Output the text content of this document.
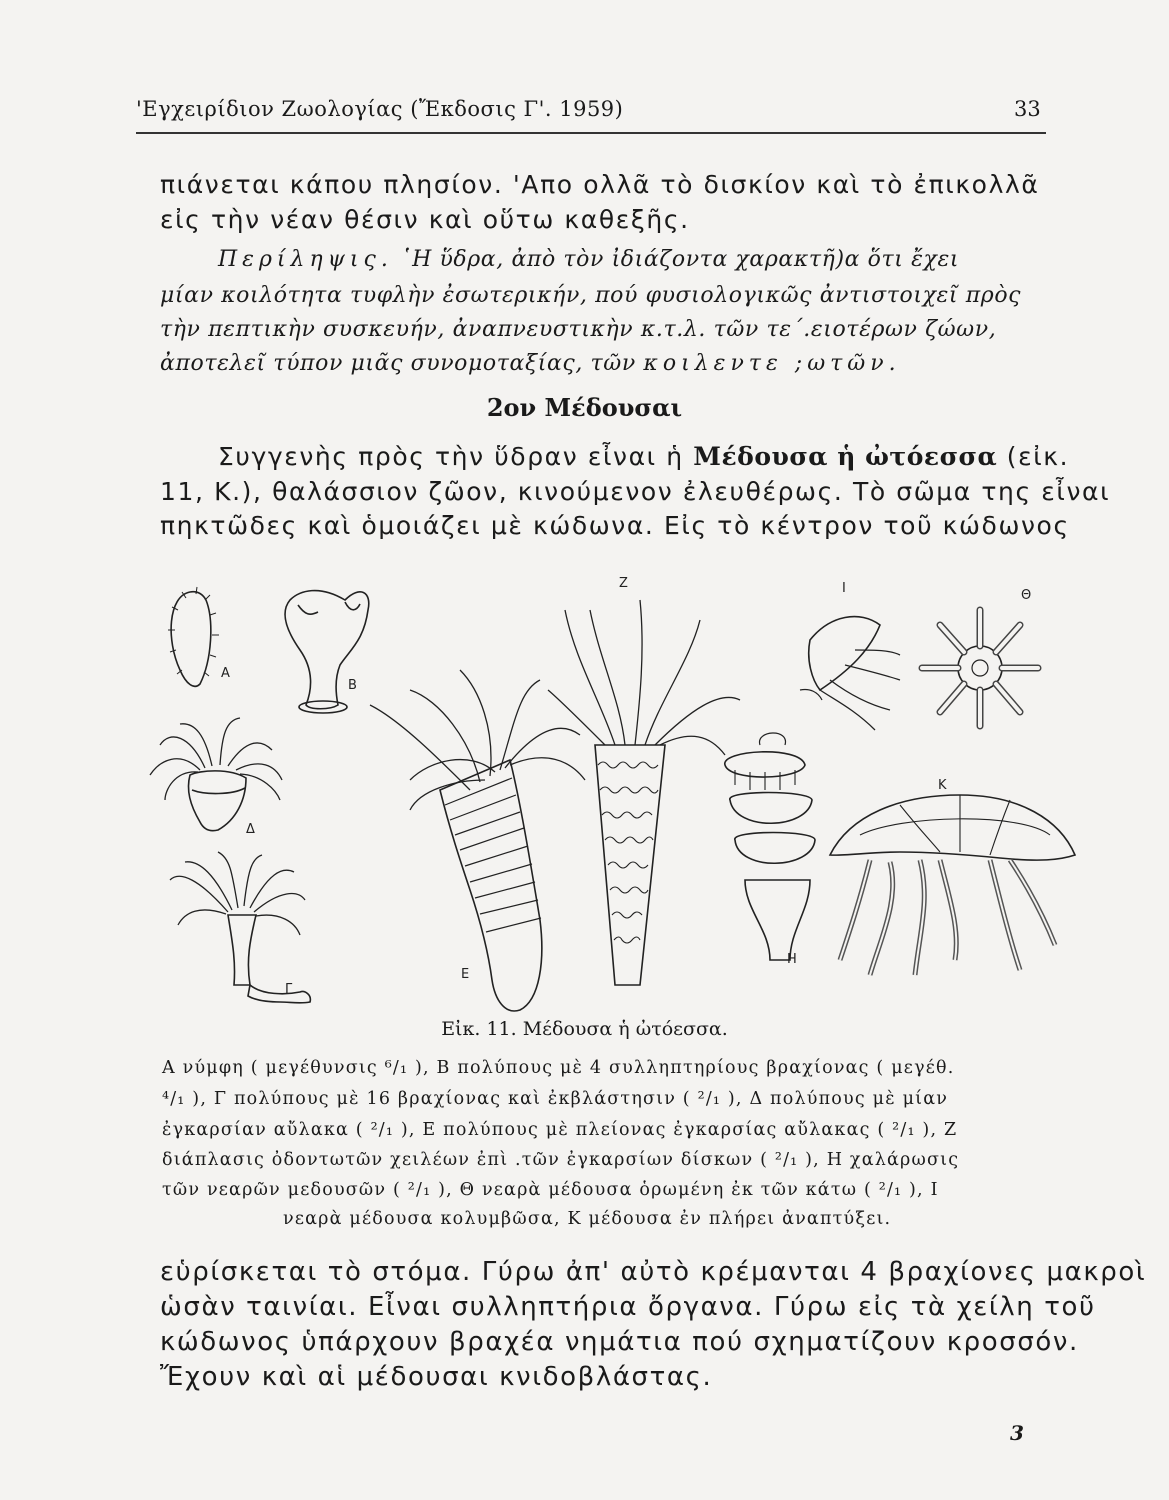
'Εγχειρίδιον Ζωολογίας (Ἔκδοσις Γ'. 1959)	33
πιάνεται κάπου πλησίον. 'Απο ολλᾶ τὸ δισκίον καὶ τὸ ἐπικολλᾶ
εἰς τὴν νέαν θέσιν καὶ οὕτω καθεξῆς.
Περίληψις. ῾Η ὕδρα, ἀπὸ τὸν ἰδιάζοντα χαρακτῆ)α ὅτι ἔχει
μίαν κοιλότητα τυφλὴν ἐσωτερικήν, πού φυσιολογικῶς ἀντιστοιχεῖ πρὸς
τὴν πεπτικὴν συσκευήν, ἀναπνευστικὴν κ.τ.λ. τῶν τε΄.ειοτέρων ζώων,
ἀποτελεῖ τύπον μιᾶς συνομοταξίας, τῶν κοιλεντε ;ωτῶν.
2ον Μέδουσαι
Συγγενὴς πρὸς τὴν ὕδραν εἶναι ἡ Μέδουσα ἡ ὠτόεσσα (εἰκ.
11, Κ.), θαλάσσιον ζῶον, κινούμενον ἐλευθέρως. Τὸ σῶμα της εἶναι
πηκτῶδες καὶ ὁμοιάζει μὲ κώδωνα. Εἰς τὸ κέντρον τοῦ κώδωνος
Α
Β
Γ
Δ
Ε
Ζ
Η
Ι	Θ
Κ
Εἰκ. 11. Μέδουσα ἡ ὠτόεσσα.
Α νύμφη ( μεγέθυνσις ⁶/₁ ), Β πολύπους μὲ 4 συλληπτηρίους βραχίονας ( μεγέθ.
⁴/₁ ), Γ πολύπους μὲ 16 βραχίονας καὶ ἐκβλάστησιν ( ²/₁ ), Δ πολύπους μὲ μίαν
ἐγκαρσίαν αὔλακα ( ²/₁ ), Ε πολύπους μὲ πλείονας ἐγκαρσίας αὔλακας ( ²/₁ ), Ζ
διάπλασις ὀδοντωτῶν χειλέων ἐπὶ .τῶν ἐγκαρσίων δίσκων ( ²/₁ ), Η χαλάρωσις
τῶν νεαρῶν μεδουσῶν ( ²/₁ ), Θ νεαρὰ μέδουσα ὁρωμένη ἐκ τῶν κάτω ( ²/₁ ), Ι
νεαρὰ μέδουσα κολυμβῶσα, Κ μέδουσα ἐν πλήρει ἀναπτύξει.
εὑρίσκεται τὸ στόμα. Γύρω ἀπ' αὐτὸ κρέμανται 4 βραχίονες μακροὶ
ὡσὰν ταινίαι. Εἶναι συλληπτήρια ὄργανα. Γύρω εἰς τὰ χείλη τοῦ
κώδωνος ὑπάρχουν βραχέα νημάτια πού σχηματίζουν κροσσόν.
Ἔχουν καὶ αἱ μέδουσαι κνιδοβλάστας.
3
